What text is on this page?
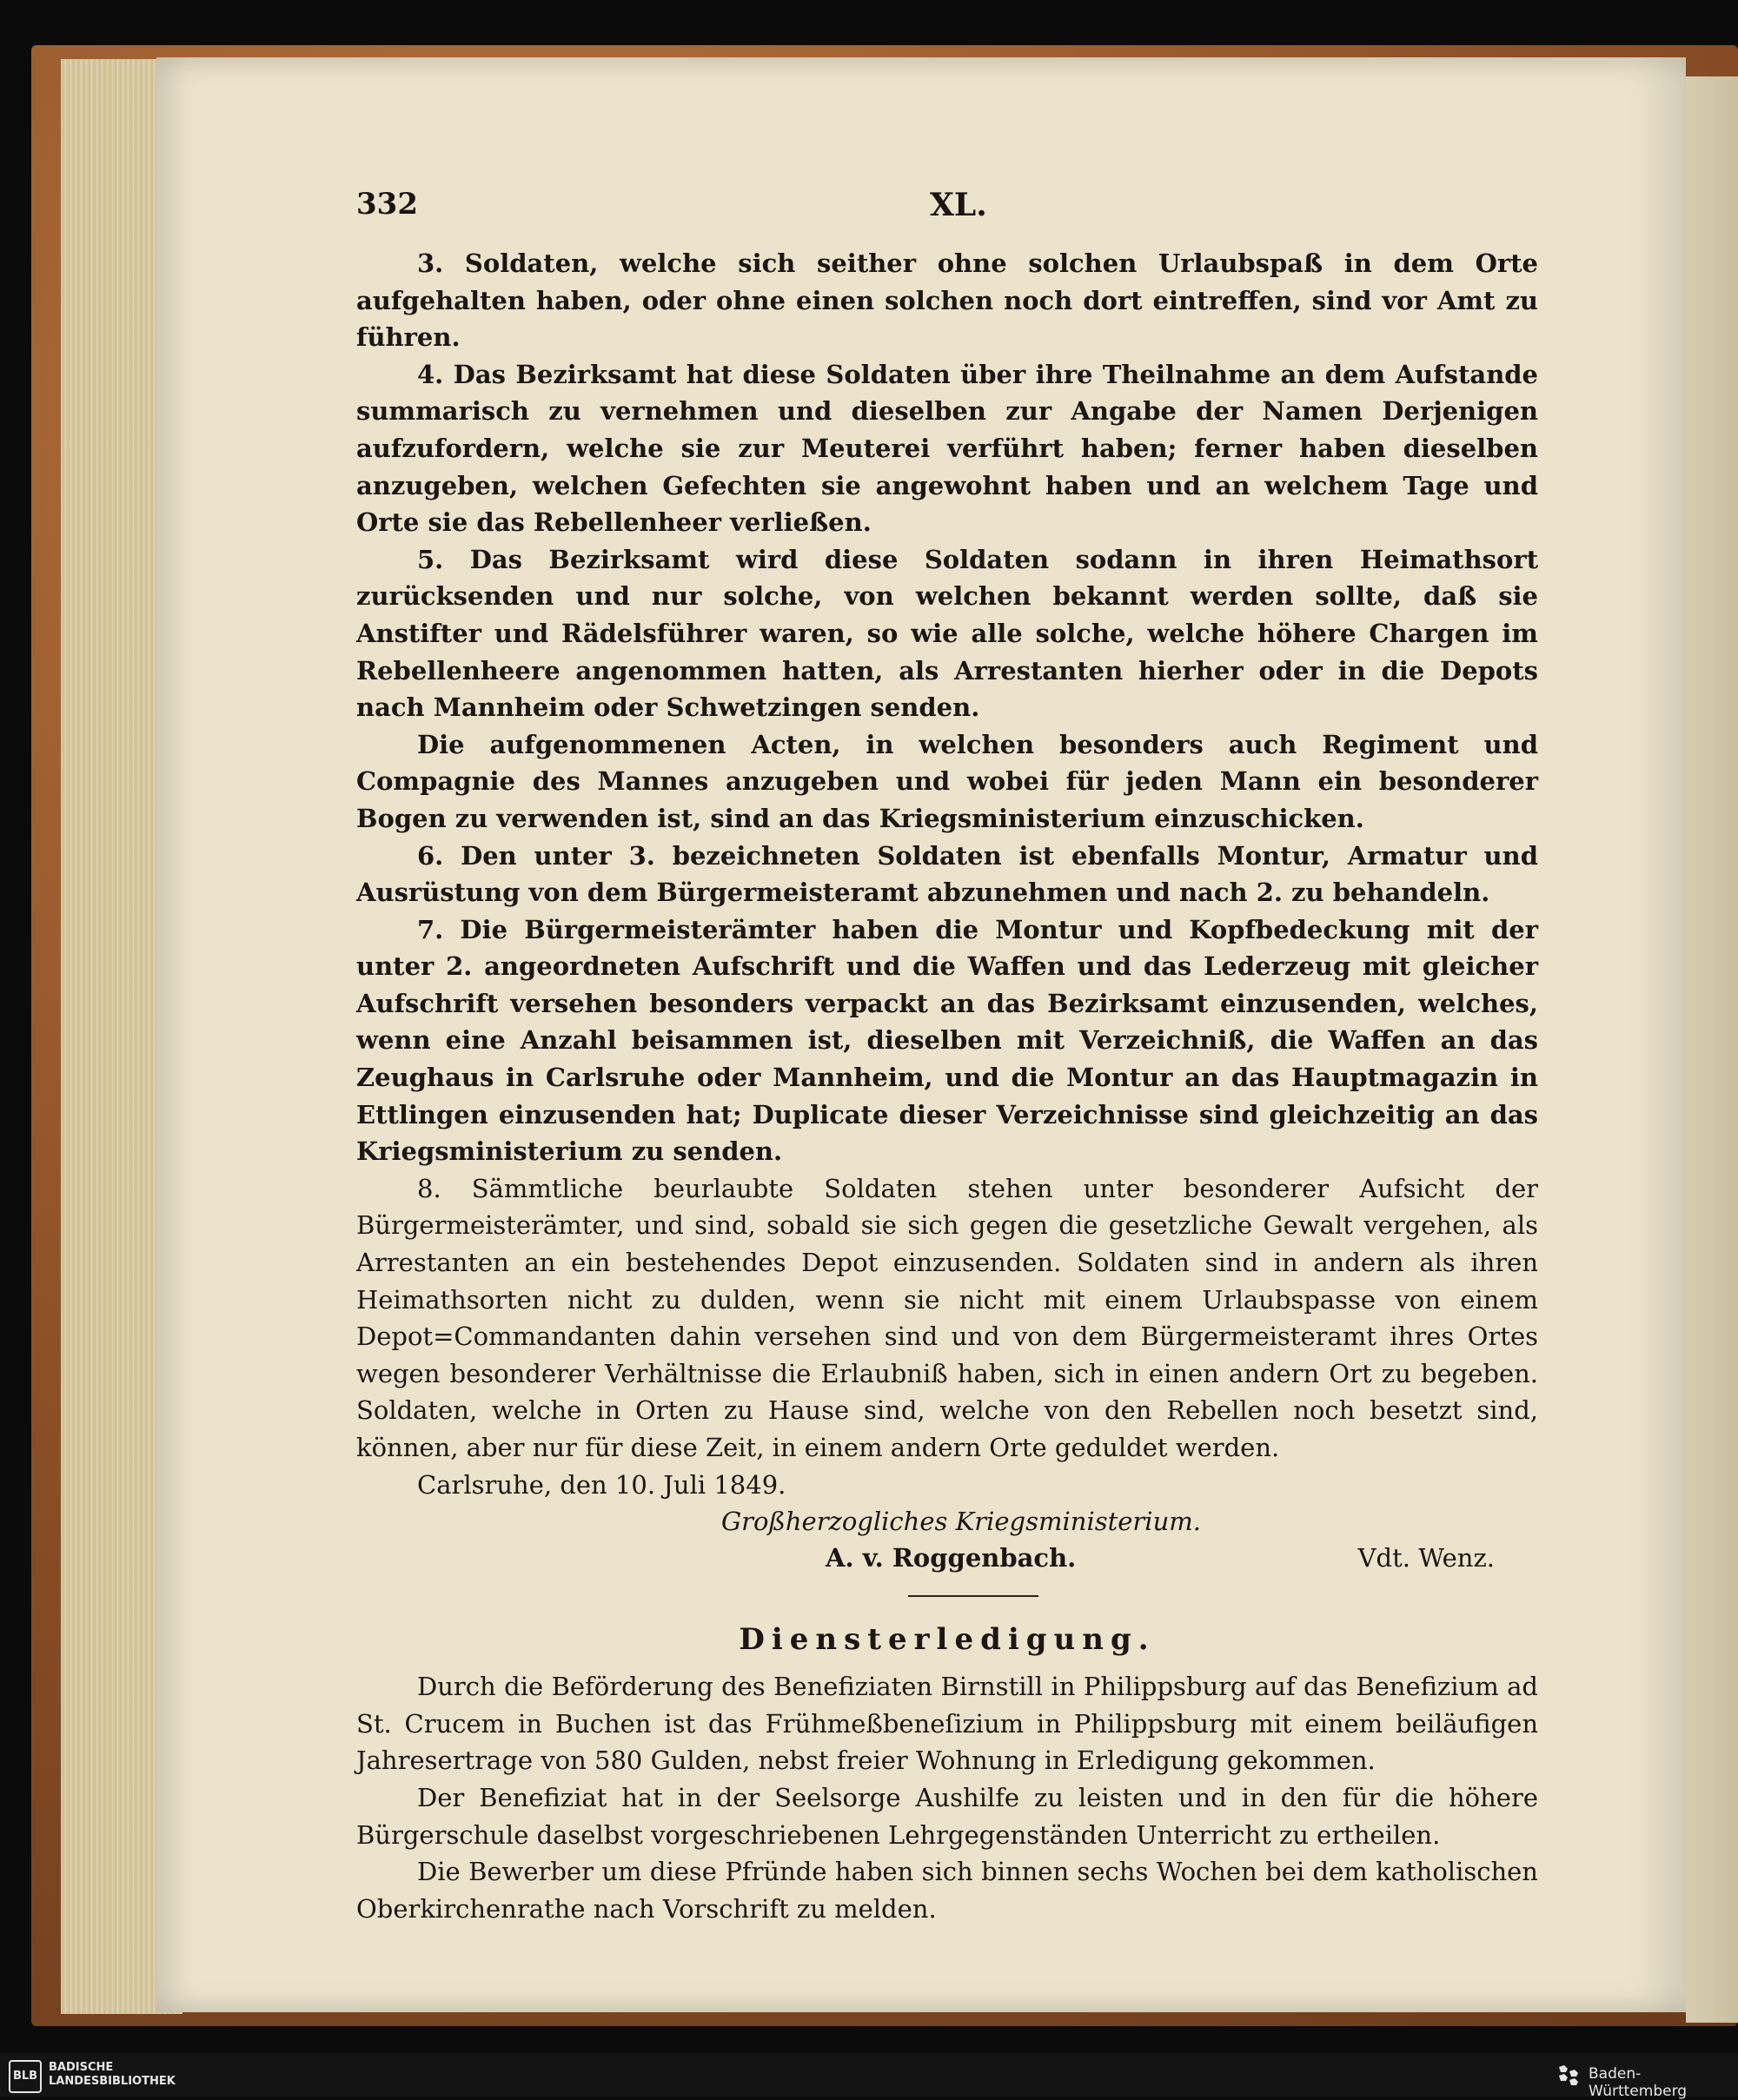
332	XL.

3. Soldaten, welche sich seither ohne solchen Urlaubspaß in dem Orte aufgehalten haben, oder ohne einen solchen noch dort eintreffen, sind vor Amt zu führen.

4. Das Bezirksamt hat diese Soldaten über ihre Theilnahme an dem Aufstande summarisch zu vernehmen und dieselben zur Angabe der Namen Derjenigen aufzufordern, welche sie zur Meuterei verführt haben; ferner haben dieselben anzugeben, welchen Gefechten sie angewohnt haben und an welchem Tage und Orte sie das Rebellenheer verließen.

5. Das Bezirksamt wird diese Soldaten sodann in ihren Heimathsort zurücksenden und nur solche, von welchen bekannt werden sollte, daß sie Anstifter und Rädelsführer waren, so wie alle solche, welche höhere Chargen im Rebellenheere angenommen hatten, als Arrestanten hierher oder in die Depots nach Mannheim oder Schwetzingen senden.

Die aufgenommenen Acten, in welchen besonders auch Regiment und Compagnie des Mannes anzugeben und wobei für jeden Mann ein besonderer Bogen zu verwenden ist, sind an das Kriegsministerium einzuschicken.

6. Den unter 3. bezeichneten Soldaten ist ebenfalls Montur, Armatur und Ausrüstung von dem Bürgermeisteramt abzunehmen und nach 2. zu behandeln.

7. Die Bürgermeisterämter haben die Montur und Kopfbedeckung mit der unter 2. angeordneten Aufschrift und die Waffen und das Lederzeug mit gleicher Aufschrift versehen besonders verpackt an das Bezirksamt einzusenden, welches, wenn eine Anzahl beisammen ist, dieselben mit Verzeichniß, die Waffen an das Zeughaus in Carlsruhe oder Mannheim, und die Montur an das Hauptmagazin in Ettlingen einzusenden hat; Duplicate dieser Verzeichnisse sind gleichzeitig an das Kriegsministerium zu senden.

8. Sämmtliche beurlaubte Soldaten stehen unter besonderer Aufsicht der Bürgermeisterämter, und sind, sobald sie sich gegen die gesetzliche Gewalt vergehen, als Arrestanten an ein bestehendes Depot einzusenden. Soldaten sind in andern als ihren Heimathsorten nicht zu dulden, wenn sie nicht mit einem Urlaubspasse von einem Depot=Commandanten dahin versehen sind und von dem Bürgermeisteramt ihres Ortes wegen besonderer Verhältnisse die Erlaubniß haben, sich in einen andern Ort zu begeben. Soldaten, welche in Orten zu Hause sind, welche von den Rebellen noch besetzt sind, können, aber nur für diese Zeit, in einem andern Orte geduldet werden.

Carlsruhe, den 10. Juli 1849.

Großherzogliches Kriegsministerium.
A. v. Roggenbach.	Vdt. Wenz.
Diensterledigung.

Durch die Beförderung des Benefiziaten Birnstill in Philippsburg auf das Benefizium ad St. Crucem in Buchen ist das Frühmeßbeneſizium in Philippsburg mit einem beiläufigen Jahresertrage von 580 Gulden, nebst freier Wohnung in Erledigung gekommen.

Der Benefiziat hat in der Seelsorge Aushilfe zu leisten und in den für die höhere Bürgerschule daselbst vorgeschriebenen Lehrgegenständen Unterricht zu ertheilen.

Die Bewerber um diese Pfründe haben sich binnen sechs Wochen bei dem katholischen Oberkirchenrathe nach Vorschrift zu melden.

BLB
BADISCHE
LANDESBIBLIOTHEK	Baden-Württemberg
